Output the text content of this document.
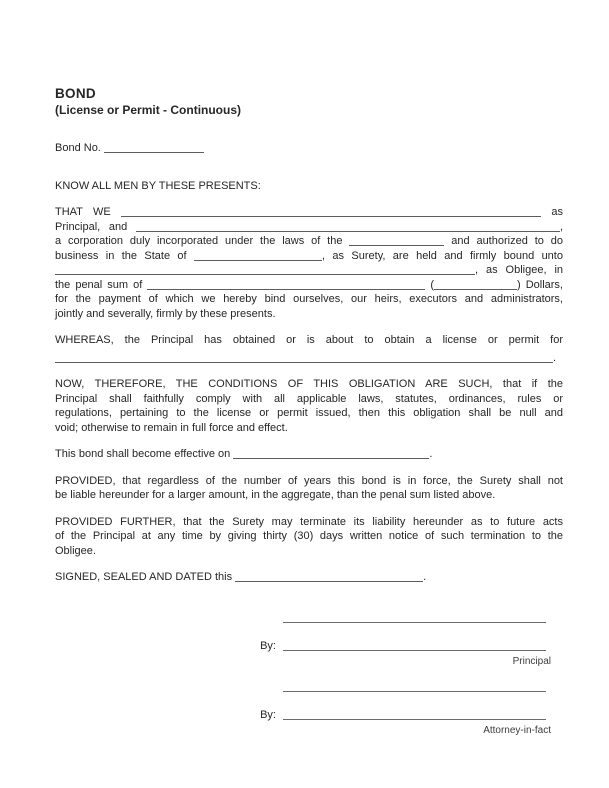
BOND
(License or Permit - Continuous)
Bond No.
KNOW ALL MEN BY THESE PRESENTS:
THAT WE	as
Principal, and	,
a corporation duly incorporated under the laws of the	and authorized to do
business in the State of	, as Surety, are held and firmly bound unto
, as Obligee, in
the penal sum of	(	) Dollars,
for the payment of which we hereby bind ourselves, our heirs, executors and administrators,
jointly and severally, firmly by these presents.
WHEREAS, the Principal has obtained or is about to obtain a license or permit for
.
NOW, THEREFORE, THE CONDITIONS OF THIS OBLIGATION ARE SUCH, that if the
Principal shall faithfully comply with all applicable laws, statutes, ordinances, rules or
regulations, pertaining to the license or permit issued, then this obligation shall be null and
void; otherwise to remain in full force and effect.
This bond shall become effective on	.
PROVIDED, that regardless of the number of years this bond is in force, the Surety shall not
be liable hereunder for a larger amount, in the aggregate, than the penal sum listed above.
PROVIDED FURTHER, that the Surety may terminate its liability hereunder as to future acts
of the Principal at any time by giving thirty (30) days written notice of such termination to the
Obligee.
SIGNED, SEALED AND DATED this	.
By:
Principal
By:
Attorney-in-fact
